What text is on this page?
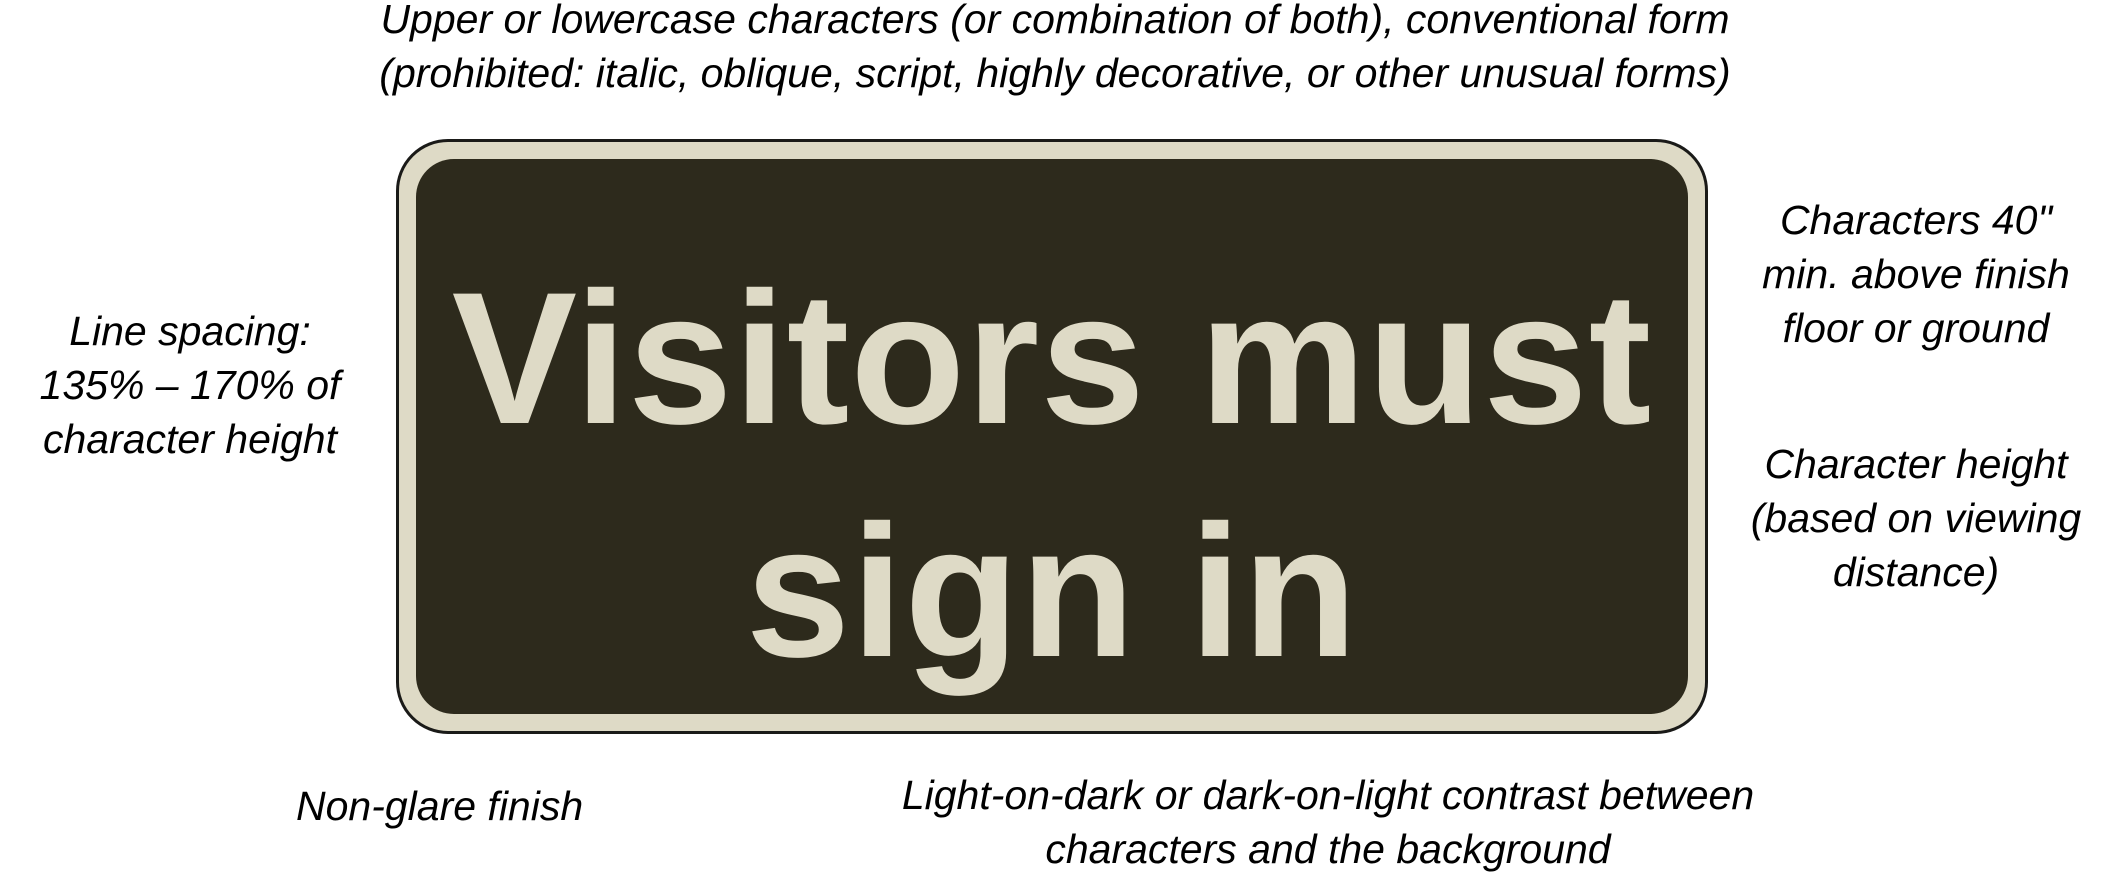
Upper or lowercase characters (or combination of both), conventional form
(prohibited: italic, oblique, script, highly decorative, or other unusual forms)
Line spacing:
135% – 170% of
character height
Characters 40"
min. above finish
floor or ground
Character height
(based on viewing
distance)
Visitors must
sign in
Non-glare finish	Light-on-dark or dark-on-light contrast between
characters and the background
